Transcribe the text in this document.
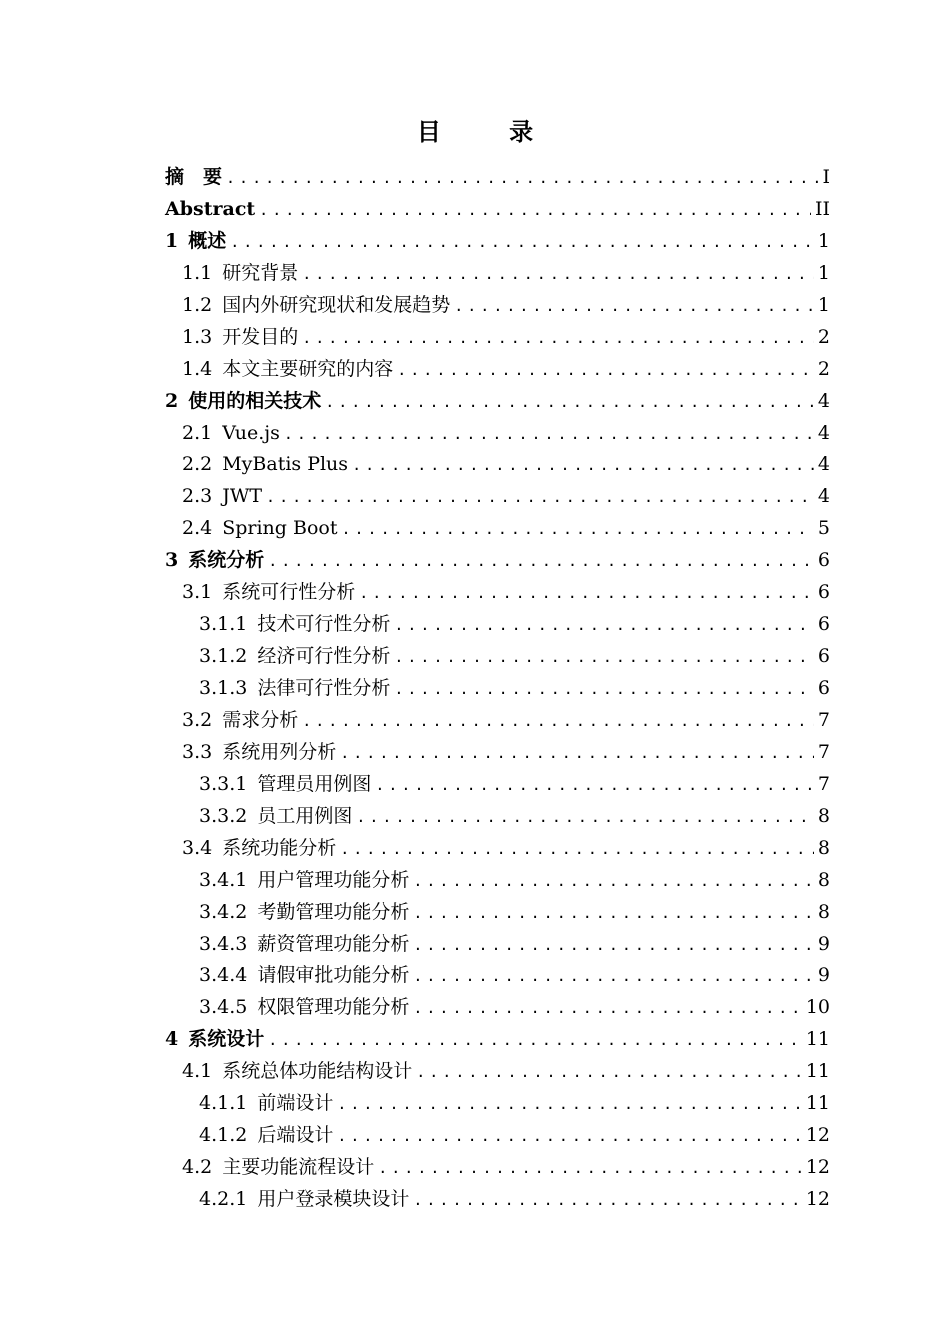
目 录
摘　要 .....	I
Abstract .....	II
1 概述 .....	1
1.1 研究背景 .....	1
1.2 国内外研究现状和发展趋势 .....	1
1.3 开发目的 .....	2
1.4 本文主要研究的内容 .....	2
2 使用的相关技术 .....	4
2.1 Vue.js .....	4
2.2 MyBatis Plus .....	4
2.3 JWT .....	4
2.4 Spring Boot .....	5
3 系统分析 .....	6
3.1 系统可行性分析 .....	6
3.1.1 技术可行性分析 .....	6
3.1.2 经济可行性分析 .....	6
3.1.3 法律可行性分析 .....	6
3.2 需求分析 .....	7
3.3 系统用列分析 .....	7
3.3.1 管理员用例图 .....	7
3.3.2 员工用例图 .....	8
3.4 系统功能分析 .....	8
3.4.1 用户管理功能分析 .....	8
3.4.2 考勤管理功能分析 .....	8
3.4.3 薪资管理功能分析 .....	9
3.4.4 请假审批功能分析 .....	9
3.4.5 权限管理功能分析 .....	10
4 系统设计 .....	11
4.1 系统总体功能结构设计 .....	11
4.1.1 前端设计 .....	11
4.1.2 后端设计 .....	12
4.2 主要功能流程设计 .....	12
4.2.1 用户登录模块设计 .....	12
